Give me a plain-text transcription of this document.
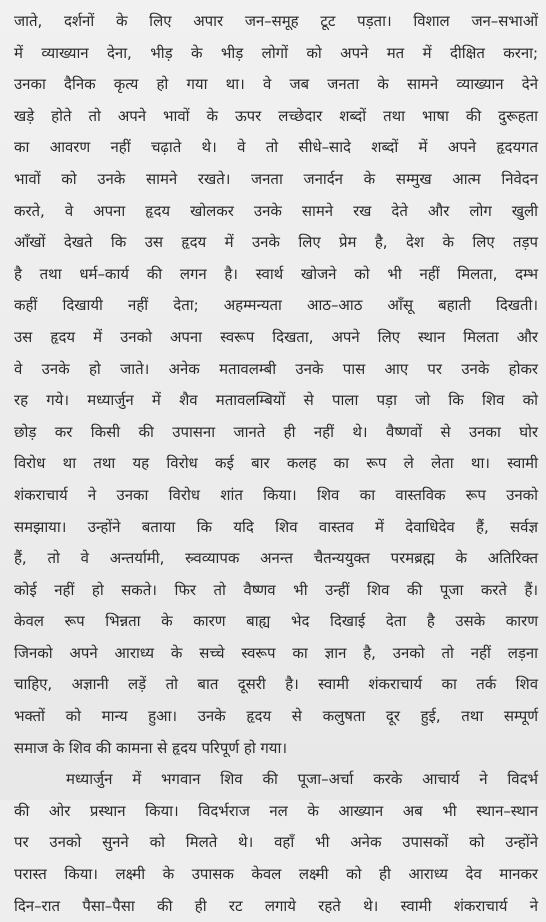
जाते, दर्शनों के लिए अपार जन–समूह टूट पड़ता। विशाल जन–सभाओं
में व्याख्यान देना, भीड़ के भीड़ लोगों को अपने मत में दीक्षित करना;
उनका दैनिक कृत्य हो गया था। वे जब जनता के सामने व्याख्यान देने
खड़े होते तो अपने भावों के ऊपर लच्छेदार शब्दों तथा भाषा की दुरूहता
का आवरण नहीं चढ़ाते थे। वे तो सीधे–सादे शब्दों में अपने हृदयगत
भावों को उनके सामने रखते। जनता जनार्दन के सम्मुख आत्म निवेदन
करते, वे अपना हृदय खोलकर उनके सामने रख देते और लोग खुली
आँखों देखते कि उस हृदय में उनके लिए प्रेम है, देश के लिए तड़प
है तथा धर्म–कार्य की लगन है। स्वार्थ खोजने को भी नहीं मिलता, दम्भ
कहीं दिखायी नहीं देता; अहम्मन्यता आठ–आठ आँसू बहाती दिखती।
उस हृदय में उनको अपना स्वरूप दिखता, अपने लिए स्थान मिलता और
वे उनके हो जाते। अनेक मतावलम्बी उनके पास आए पर उनके होकर
रह गये। मध्यार्जुन में शैव मतावलम्बियों से पाला पड़ा जो कि शिव को
छोड़ कर किसी की उपासना जानते ही नहीं थे। वैष्णवों से उनका घोर
विरोध था तथा यह विरोध कई बार कलह का रूप ले लेता था। स्वामी
शंकराचार्य ने उनका विरोध शांत किया। शिव का वास्तविक रूप उनको
समझाया। उन्होंने बताया कि यदि शिव वास्तव में देवाधिदेव हैं, सर्वज्ञ
हैं, तो वे अन्तर्यामी, स्र्वव्यापक अनन्त चैतन्ययुक्त परमब्रह्म के अतिरिक्त
कोई नहीं हो सकते। फिर तो वैष्णव भी उन्हीं शिव की पूजा करते हैं।
केवल रूप भिन्नता के कारण बाह्य भेद दिखाई देता है उसके कारण
जिनको अपने आराध्य के सच्चे स्वरूप का ज्ञान है, उनको तो नहीं लड़ना
चाहिए, अज्ञानी लड़ें तो बात दूसरी है। स्वामी शंकराचार्य का तर्क शिव
भक्तों को मान्य हुआ। उनके हृदय से कलुषता दूर हुई, तथा सम्पूर्ण
समाज के शिव की कामना से हृदय परिपूर्ण हो गया।

मध्यार्जुन में भगवान शिव की पूजा–अर्चा करके आचार्य ने विदर्भ
की ओर प्रस्थान किया। विदर्भराज नल के आख्यान अब भी स्थान–स्थान
पर उनको सुनने को मिलते थे। वहाँ भी अनेक उपासकों को उन्होंने
परास्त किया। लक्ष्मी के उपासक केवल लक्ष्मी को ही आराध्य देव मानकर
दिन–रात पैसा–पैसा की ही रट लगाये रहते थे। स्वामी शंकराचार्य ने
